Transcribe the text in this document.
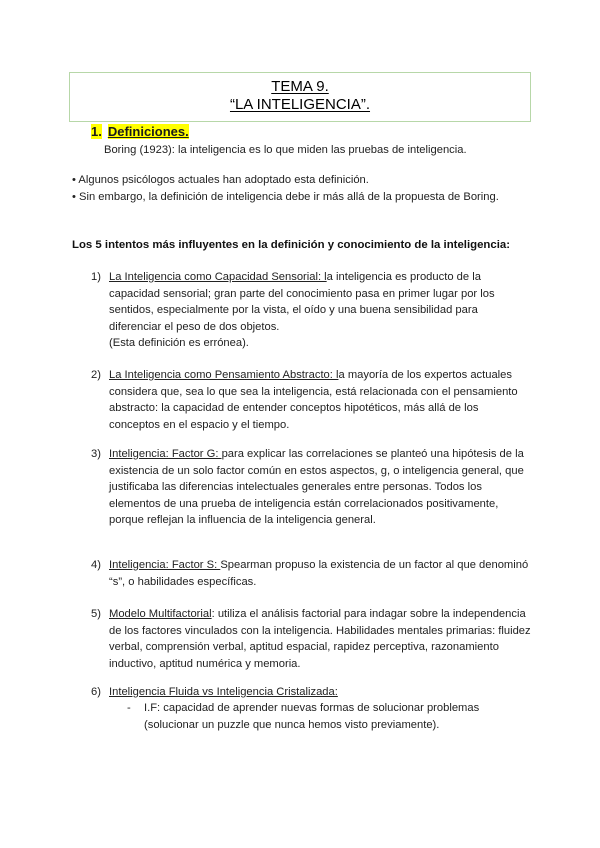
TEMA 9.
“LA INTELIGENCIA”.
1. Definiciones.
Boring (1923): la inteligencia es lo que miden las pruebas de inteligencia.
• Algunos psicólogos actuales han adoptado esta definición.
• Sin embargo, la definición de inteligencia debe ir más allá de la propuesta de Boring.
Los 5 intentos más influyentes en la definición y conocimiento de la inteligencia:
1) La Inteligencia como Capacidad Sensorial: la inteligencia es producto de la capacidad sensorial; gran parte del conocimiento pasa en primer lugar por los sentidos, especialmente por la vista, el oído y una buena sensibilidad para diferenciar el peso de dos objetos.
(Esta definición es errónea).
2) La Inteligencia como Pensamiento Abstracto: la mayoría de los expertos actuales considera que, sea lo que sea la inteligencia, está relacionada con el pensamiento abstracto: la capacidad de entender conceptos hipotéticos, más allá de los conceptos en el espacio y el tiempo.
3) Inteligencia: Factor G: para explicar las correlaciones se planteó una hipótesis de la existencia de un solo factor común en estos aspectos, g, o inteligencia general, que justificaba las diferencias intelectuales generales entre personas. Todos los elementos de una prueba de inteligencia están correlacionados positivamente, porque reflejan la influencia de la inteligencia general.
4) Inteligencia: Factor S: Spearman propuso la existencia de un factor al que denominó “s”, o habilidades específicas.
5) Modelo Multifactorial: utiliza el análisis factorial para indagar sobre la independencia de los factores vinculados con la inteligencia. Habilidades mentales primarias: fluidez verbal, comprensión verbal, aptitud espacial, rapidez perceptiva, razonamiento inductivo, aptitud numérica y memoria.
6) Inteligencia Fluida vs Inteligencia Cristalizada:
- I.F: capacidad de aprender nuevas formas de solucionar problemas (solucionar un puzzle que nunca hemos visto previamente).
